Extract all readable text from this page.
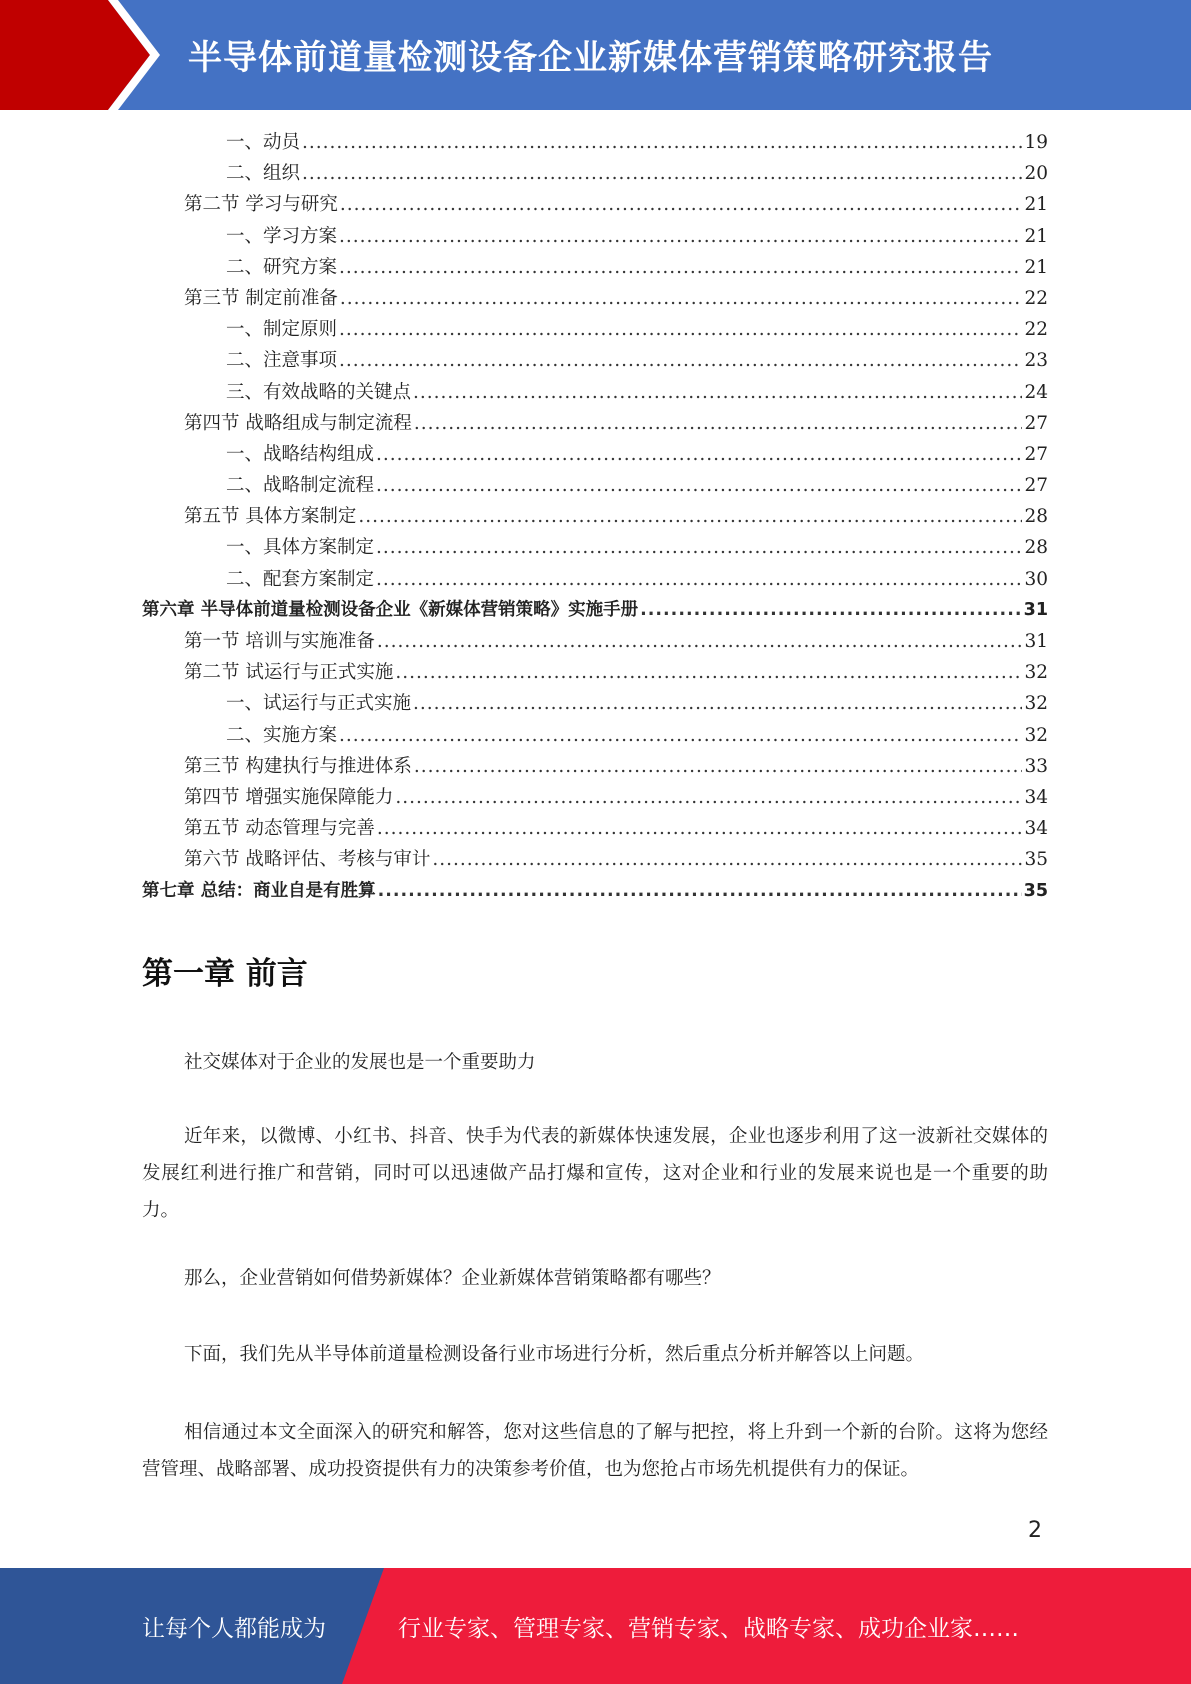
半导体前道量检测设备企业新媒体营销策略研究报告
一、动员 .....	19
二、组织 .....	20
第二节 学习与研究 .....	21
一、学习方案 .....	21
二、研究方案 .....	21
第三节 制定前准备 .....	22
一、制定原则 .....	22
二、注意事项 .....	23
三、有效战略的关键点 .....	24
第四节 战略组成与制定流程 .....	27
一、战略结构组成 .....	27
二、战略制定流程 .....	27
第五节 具体方案制定 .....	28
一、具体方案制定 .....	28
二、配套方案制定 .....	30
第六章 半导体前道量检测设备企业《新媒体营销策略》实施手册 .....	31
第一节 培训与实施准备 .....	31
第二节 试运行与正式实施 .....	32
一、试运行与正式实施 .....	32
二、实施方案 .....	32
第三节 构建执行与推进体系 .....	33
第四节 增强实施保障能力 .....	34
第五节 动态管理与完善 .....	34
第六节 战略评估、考核与审计 .....	35
第七章 总结：商业自是有胜算 .....	35
第一章 前言
社交媒体对于企业的发展也是一个重要助力
近年来，以微博、小红书、抖音、快手为代表的新媒体快速发展，企业也逐步利用了这一波新社交媒体的发展红利进行推广和营销，同时可以迅速做产品打爆和宣传，这对企业和行业的发展来说也是一个重要的助力。
那么，企业营销如何借势新媒体？企业新媒体营销策略都有哪些？
下面，我们先从半导体前道量检测设备行业市场进行分析，然后重点分析并解答以上问题。
相信通过本文全面深入的研究和解答，您对这些信息的了解与把控，将上升到一个新的台阶。这将为您经营管理、战略部署、成功投资提供有力的决策参考价值，也为您抢占市场先机提供有力的保证。
2
让每个人都能成为	行业专家、管理专家、营销专家、战略专家、成功企业家……
